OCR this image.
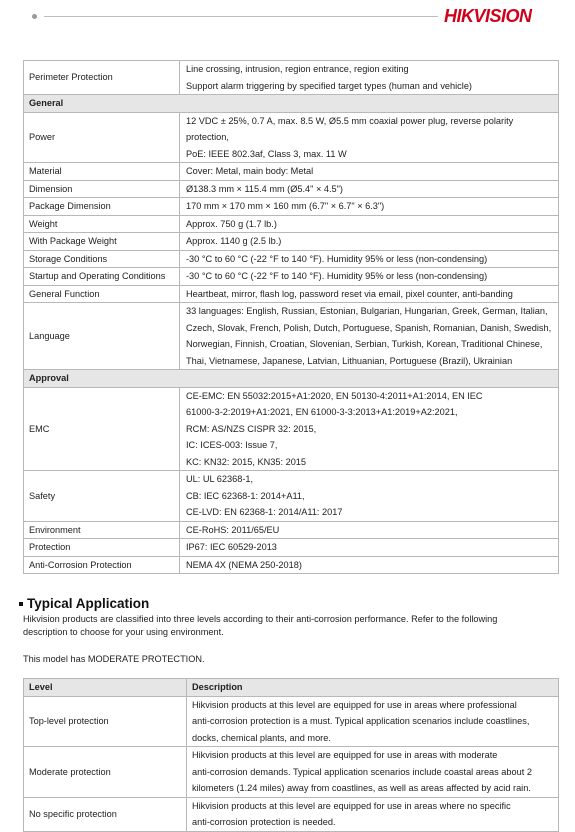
HIKVISION
Perimeter Protection	Line crossing, intrusion, region entrance, region exiting
Support alarm triggering by specified target types (human and vehicle)

General	
Power	12 VDC ± 25%, 0.7 A, max. 8.5 W, Ø5.5 mm coaxial power plug, reverse polarity
protection,
PoE: IEEE 802.3af, Class 3, max. 11 W

Material	Cover: Metal, main body: Metal

Dimension	Ø138.3 mm × 115.4 mm (Ø5.4" × 4.5")

Package Dimension	170 mm × 170 mm × 160 mm (6.7" × 6.7" × 6.3")

Weight	Approx. 750 g (1.7 lb.)

With Package Weight	Approx. 1140 g (2.5 lb.)

Storage Conditions	-30 °C to 60 °C (-22 °F to 140 °F). Humidity 95% or less (non-condensing)

Startup and Operating Conditions	-30 °C to 60 °C (-22 °F to 140 °F). Humidity 95% or less (non-condensing)

General Function	Heartbeat, mirror, flash log, password reset via email, pixel counter, anti-banding

Language	33 languages: English, Russian, Estonian, Bulgarian, Hungarian, Greek, German, Italian,
Czech, Slovak, French, Polish, Dutch, Portuguese, Spanish, Romanian, Danish, Swedish,
Norwegian, Finnish, Croatian, Slovenian, Serbian, Turkish, Korean, Traditional Chinese,
Thai, Vietnamese, Japanese, Latvian, Lithuanian, Portuguese (Brazil), Ukrainian

Approval	
EMC	CE-EMC: EN 55032:2015+A1:2020, EN 50130-4:2011+A1:2014, EN IEC
61000-3-2:2019+A1:2021, EN 61000-3-3:2013+A1:2019+A2:2021,
RCM: AS/NZS CISPR 32: 2015,
IC: ICES-003: Issue 7,
KC: KN32: 2015, KN35: 2015

Safety	UL: UL 62368-1,
CB: IEC 62368-1: 2014+A11,
CE-LVD: EN 62368-1: 2014/A11: 2017

Environment	CE-RoHS: 2011/65/EU

Protection	IP67: IEC 60529-2013

Anti-Corrosion Protection	NEMA 4X (NEMA 250-2018)
Typical Application
Hikvision products are classified into three levels according to their anti-corrosion performance. Refer to the following
description to choose for your using environment.
This model has MODERATE PROTECTION.
Level	Description
Top-level protection	Hikvision products at this level are equipped for use in areas where professional
anti-corrosion protection is a must. Typical application scenarios include coastlines,
docks, chemical plants, and more.

Moderate protection	Hikvision products at this level are equipped for use in areas with moderate
anti-corrosion demands. Typical application scenarios include coastal areas about 2
kilometers (1.24 miles) away from coastlines, as well as areas affected by acid rain.

No specific protection	Hikvision products at this level are equipped for use in areas where no specific
anti-corrosion protection is needed.
